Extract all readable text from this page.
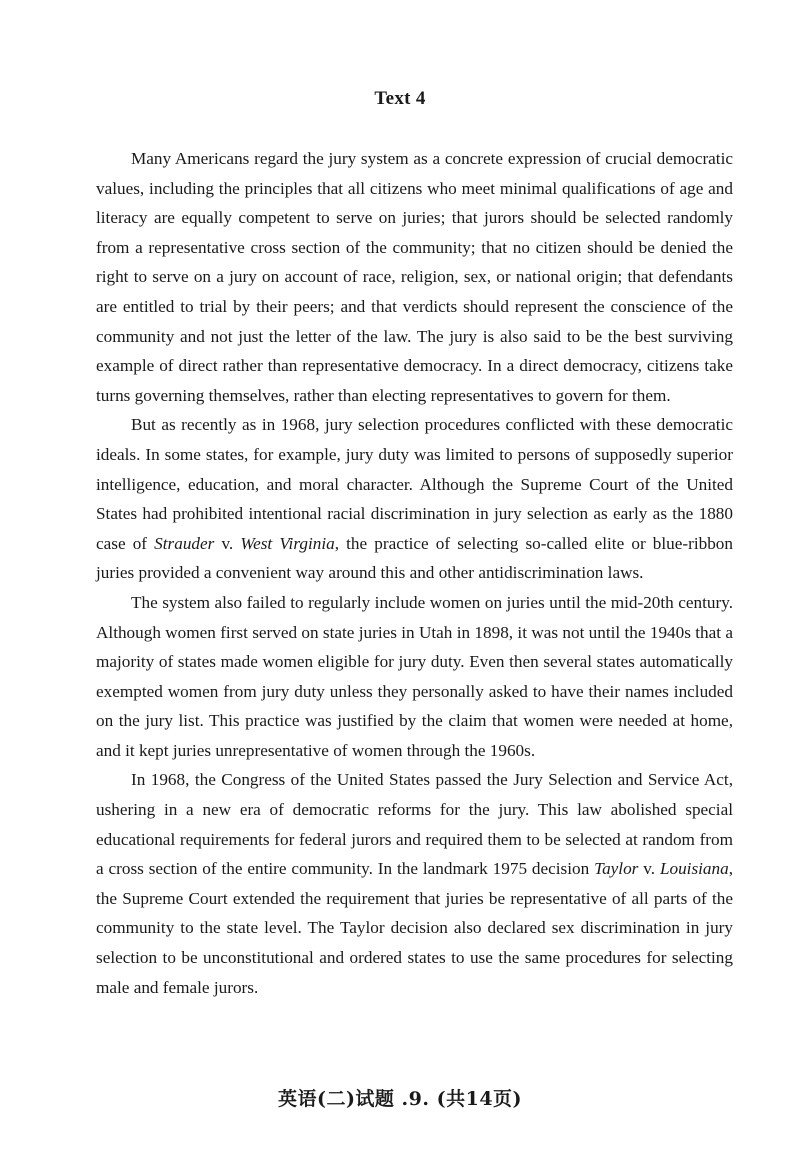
Text 4

Many Americans regard the jury system as a concrete expression of crucial democratic values, including the principles that all citizens who meet minimal qualifications of age and literacy are equally competent to serve on juries; that jurors should be selected randomly from a representative cross section of the community; that no citizen should be denied the right to serve on a jury on account of race, religion, sex, or national origin; that defendants are entitled to trial by their peers; and that verdicts should represent the conscience of the community and not just the letter of the law. The jury is also said to be the best surviving example of direct rather than representative democracy. In a direct democracy, citizens take turns governing themselves, rather than electing representatives to govern for them.

But as recently as in 1968, jury selection procedures conflicted with these democratic ideals. In some states, for example, jury duty was limited to persons of supposedly superior intelligence, education, and moral character. Although the Supreme Court of the United States had prohibited intentional racial discrimination in jury selection as early as the 1880 case of Strauder v. West Virginia, the practice of selecting so-called elite or blue-ribbon juries provided a convenient way around this and other antidiscrimination laws.

The system also failed to regularly include women on juries until the mid-20th century. Although women first served on state juries in Utah in 1898, it was not until the 1940s that a majority of states made women eligible for jury duty. Even then several states automatically exempted women from jury duty unless they personally asked to have their names included on the jury list. This practice was justified by the claim that women were needed at home, and it kept juries unrepresentative of women through the 1960s.

In 1968, the Congress of the United States passed the Jury Selection and Service Act, ushering in a new era of democratic reforms for the jury. This law abolished special educational requirements for federal jurors and required them to be selected at random from a cross section of the entire community. In the landmark 1975 decision Taylor v. Louisiana, the Supreme Court extended the requirement that juries be representative of all parts of the community to the state level. The Taylor decision also declared sex discrimination in jury selection to be unconstitutional and ordered states to use the same procedures for selecting male and female jurors.

英语(二)试题 .9. (共14页)
